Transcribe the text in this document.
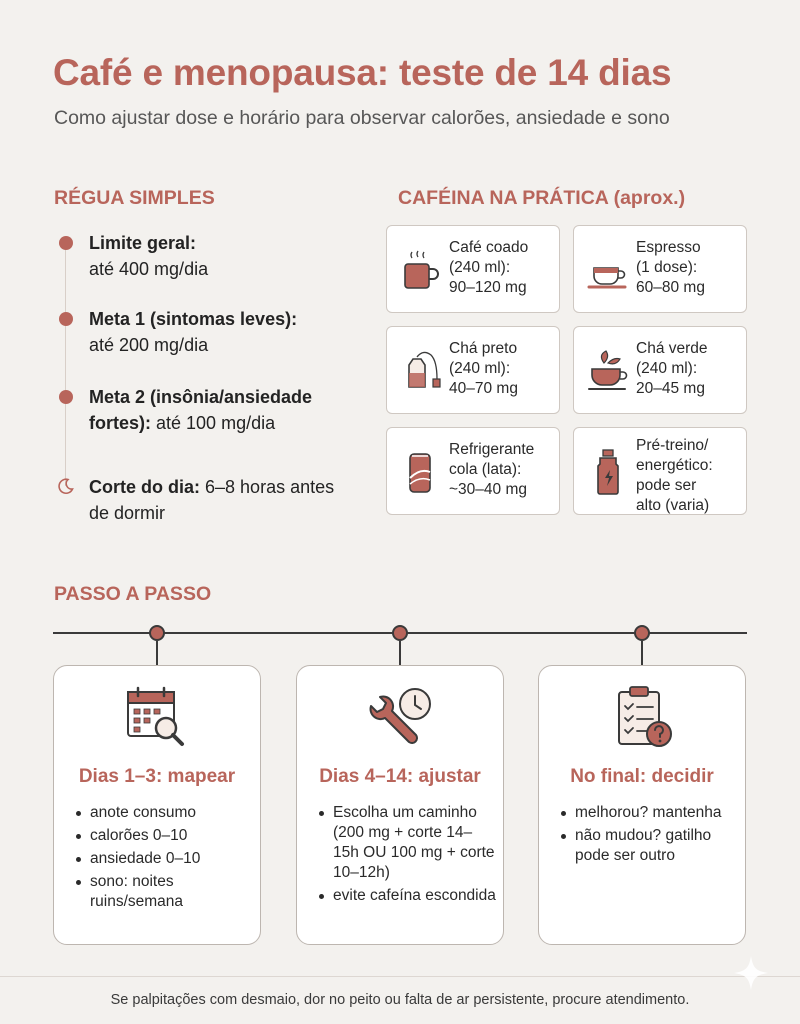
Café e menopausa: teste de 14 dias
Como ajustar dose e horário para observar calorões, ansiedade e sono
RÉGUA SIMPLES
Limite geral:
até 400 mg/dia
Meta 1 (sintomas leves):
até 200 mg/dia
Meta 2 (insônia/ansiedade fortes): até 100 mg/dia
Corte do dia: 6–8 horas antes de dormir
CAFÉINA NA PRÁTICA (aprox.)
Café coado
(240 ml):
90–120 mg
Espresso
(1 dose):
60–80 mg
Chá preto
(240 ml):
40–70 mg
Chá verde
(240 ml):
20–45 mg
Refrigerante
cola (lata):
~30–40 mg
Pré-treino/
energético:
pode ser
alto (varia)
PASSO A PASSO
Dias 1–3: mapear
anote consumo
calorões 0–10
ansiedade 0–10
sono: noites ruins/semana
Dias 4–14: ajustar
Escolha um caminho (200 mg + corte 14–15h OU 100 mg + corte 10–12h)
evite cafeína escondida
No final: decidir
melhorou? mantenha
não mudou? gatilho pode ser outro
Se palpitações com desmaio, dor no peito ou falta de ar persistente, procure atendimento.
